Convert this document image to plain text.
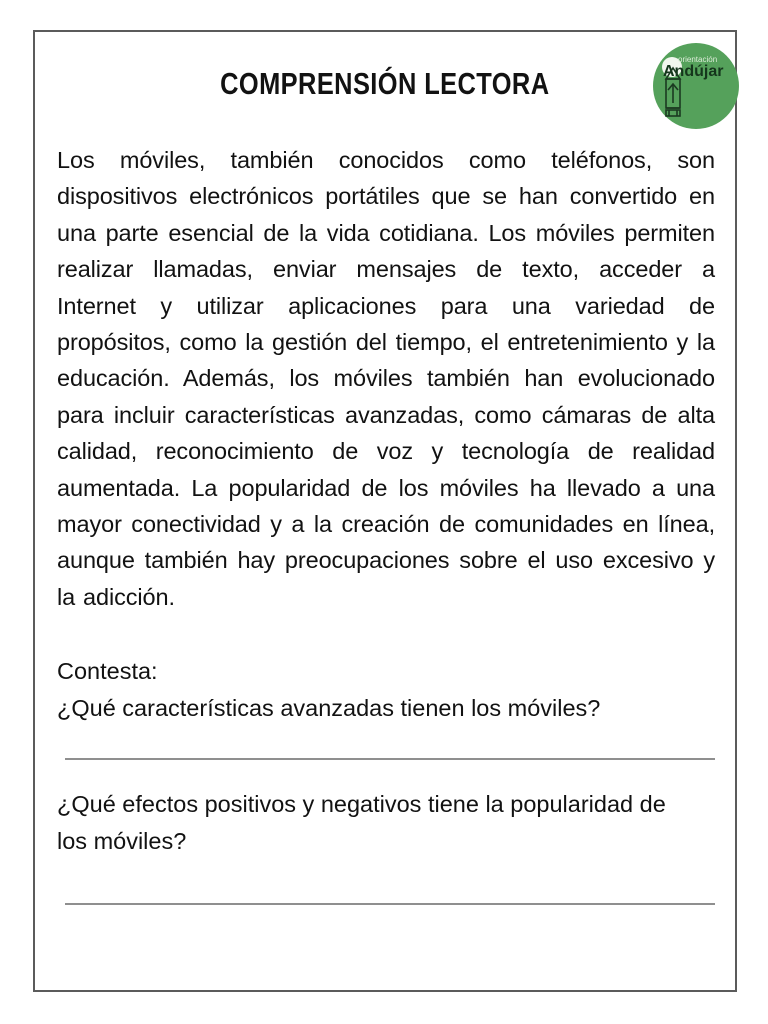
COMPRENSIÓN LECTORA
orientación
Andújar
Los móviles, también conocidos como teléfonos, son dispositivos electrónicos portátiles que se han convertido en una parte esencial de la vida cotidiana. Los móviles permiten realizar llamadas, enviar mensajes de texto, acceder a Internet y utilizar aplicaciones para una variedad de propósitos, como la gestión del tiempo, el entretenimiento y la educación. Además, los móviles también han evolucionado para incluir características avanzadas, como cámaras de alta calidad, reconocimiento de voz y tecnología de realidad aumentada. La popularidad de los móviles ha llevado a una mayor conectividad y a la creación de comunidades en línea, aunque también hay preocupaciones sobre el uso excesivo y la adicción.
Contesta:
¿Qué características avanzadas tienen los móviles?
¿Qué efectos positivos y negativos tiene la popularidad de los móviles?
